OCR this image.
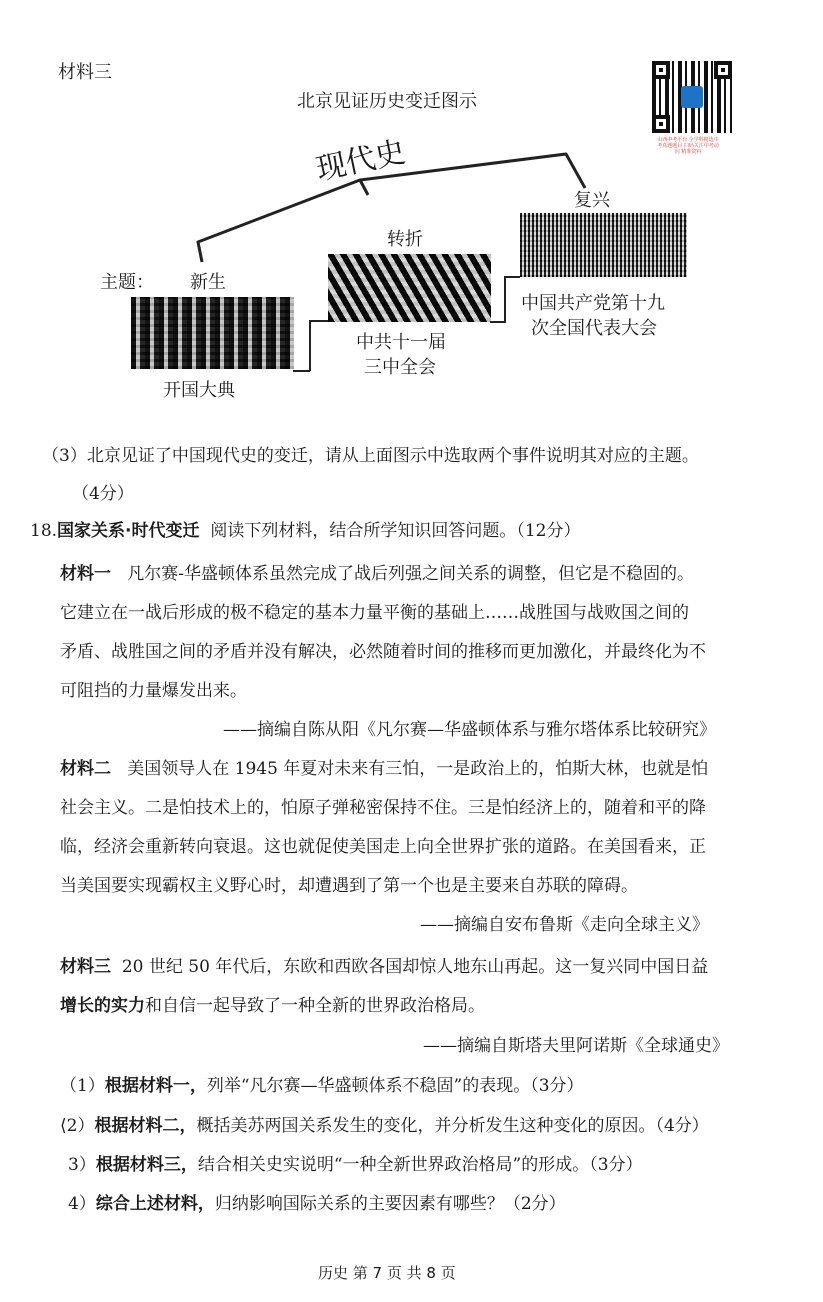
材料三
北京见证历史变迁图示
山西中考平台 全学科精选中考真题题目 扫码关注中考动向 精准资料
现代史
主题： 新生
开国大典
转折
中共十一届
三中全会
复兴
中国共产党第十九
次全国代表大会
（3）北京见证了中国现代史的变迁，请从上面图示中选取两个事件说明其对应的主题。
（4分）
18.国家关系·时代变迁 阅读下列材料，结合所学知识回答问题。（12分）
材料一 凡尔赛-华盛顿体系虽然完成了战后列强之间关系的调整，但它是不稳固的。
它建立在一战后形成的极不稳定的基本力量平衡的基础上……战胜国与战败国之间的
矛盾、战胜国之间的矛盾并没有解决，必然随着时间的推移而更加激化，并最终化为不
可阻挡的力量爆发出来。
——摘编自陈从阳《凡尔赛—华盛顿体系与雅尔塔体系比较研究》
材料二 美国领导人在 1945 年夏对未来有三怕，一是政治上的，怕斯大林，也就是怕
社会主义。二是怕技术上的，怕原子弹秘密保持不住。三是怕经济上的，随着和平的降
临，经济会重新转向衰退。这也就促使美国走上向全世界扩张的道路。在美国看来，正
当美国要实现霸权主义野心时，却遭遇到了第一个也是主要来自苏联的障碍。
——摘编自安布鲁斯《走向全球主义》
材料三 20 世纪 50 年代后，东欧和西欧各国却惊人地东山再起。这一复兴同中国日益
增长的实力和自信一起导致了一种全新的世界政治格局。
——摘编自斯塔夫里阿诺斯《全球通史》
（1）根据材料一，列举“凡尔赛—华盛顿体系不稳固”的表现。（3分）
⟨2）根据材料二，概括美苏两国关系发生的变化，并分析发生这种变化的原因。（4分）
3）根据材料三，结合相关史实说明“一种全新世界政治格局”的形成。（3分）
4）综合上述材料，归纳影响国际关系的主要因素有哪些？（2分）
历史 第 7 页 共 8 页
